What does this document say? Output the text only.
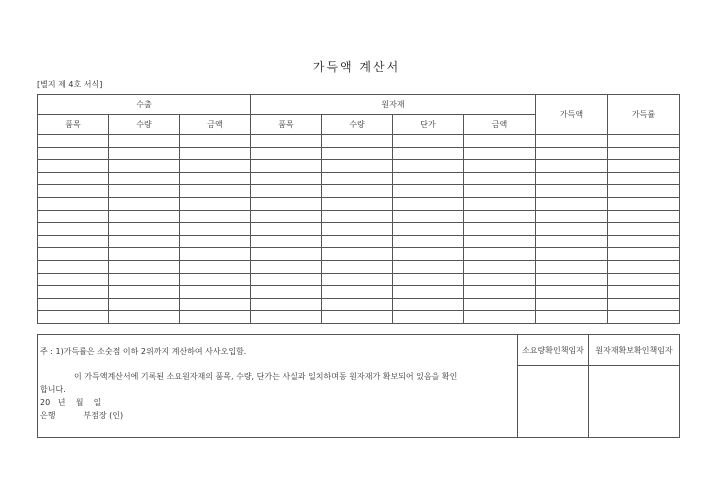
가득액 계산서
[별지 제 4호 서식]
수출			원자재				가득액	가득률
품목	수량	금액	품목	수량	단가	금액		

주 : 1)가득률은 소숫점 이하 2위까지 계산하여 사사오입함.
이 가득액계산서에 기록된 소요원자재의 품목, 수량, 단가는 사실과 일치하며동 원자재가 확보되어 있음을 확인
합니다.
20   년    월    일
은행           부점장 (인)	소요량확인책임자	원자재확보확인책임자
